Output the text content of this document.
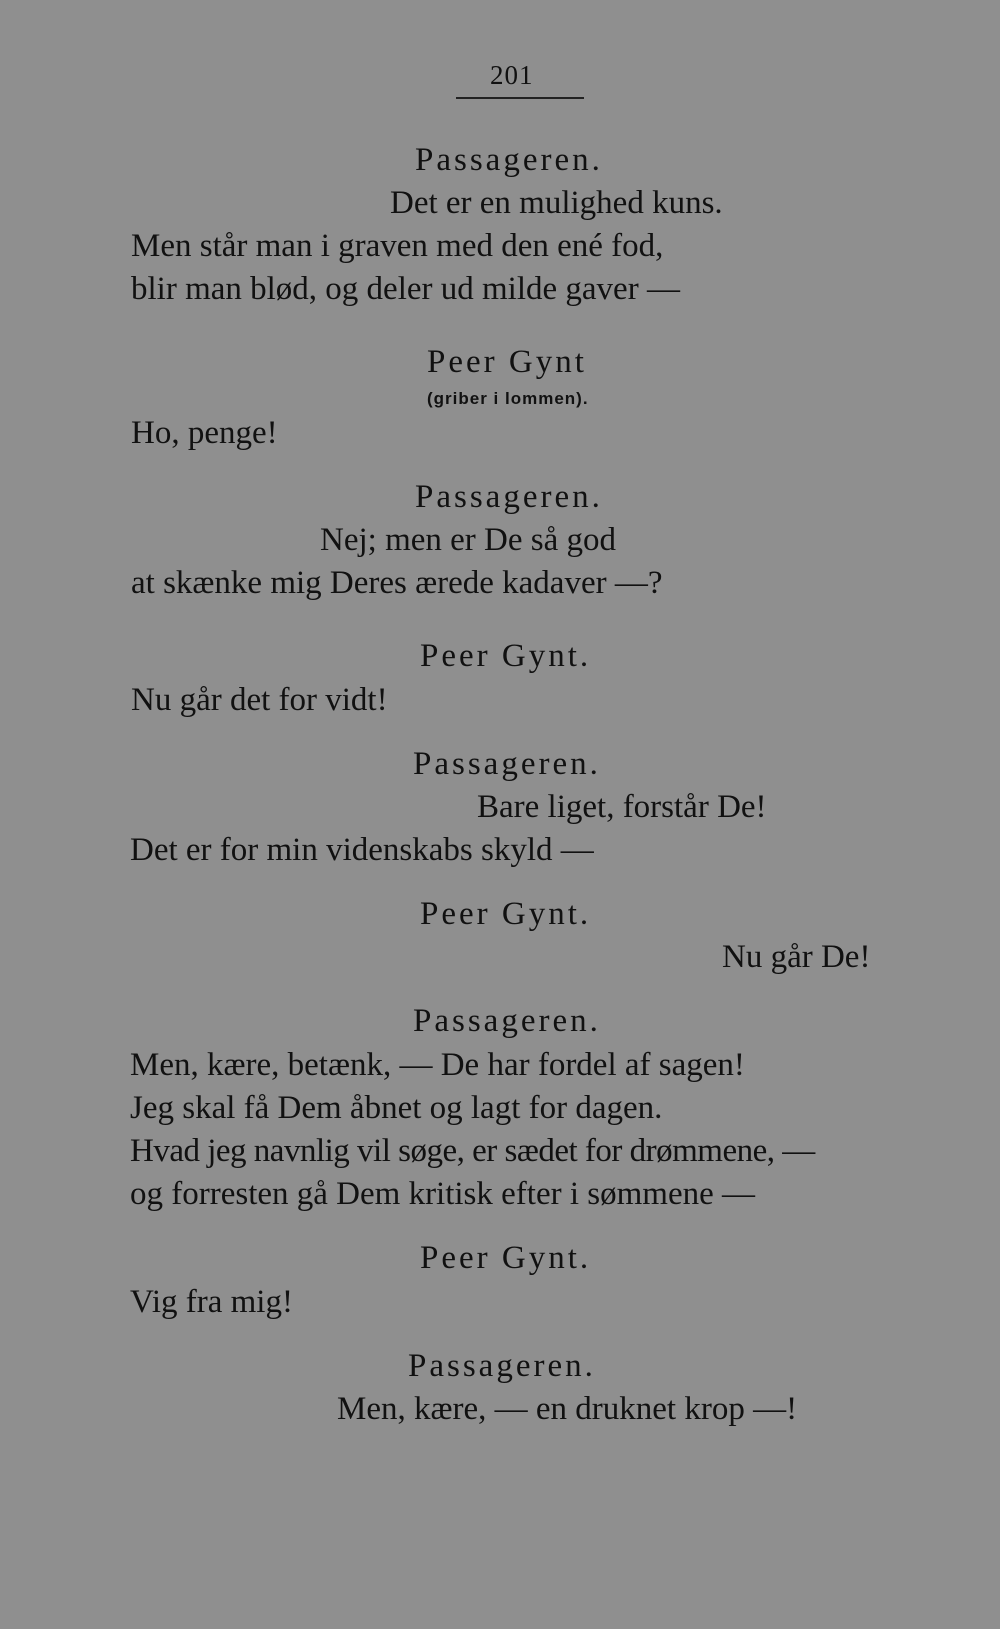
201
Passageren.
Det er en mulighed kuns.
Men står man i graven med den ené fod,
blir man blød, og deler ud milde gaver —
Peer Gynt
(griber i lommen).
Ho, penge!
Passageren.
Nej; men er De så god
at skænke mig Deres ærede kadaver —?
Peer Gynt.
Nu går det for vidt!
Passageren.
Bare liget, forstår De!
Det er for min videnskabs skyld —
Peer Gynt.
Nu går De!
Passageren.
Men, kære, betænk, — De har fordel af sagen!
Jeg skal få Dem åbnet og lagt for dagen.
Hvad jeg navnlig vil søge, er sædet for drømmene, —
og forresten gå Dem kritisk efter i sømmene —
Peer Gynt.
Vig fra mig!
Passageren.
Men, kære, — en druknet krop —!
